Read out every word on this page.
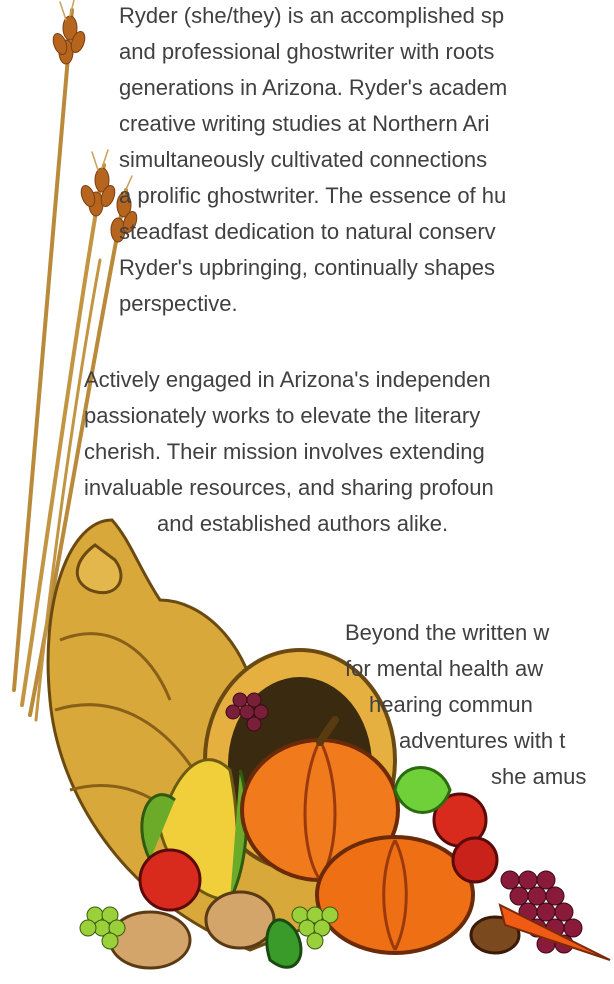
Ryder (she/they) is an accomplished sp
and professional ghostwriter with roots
generations in Arizona. Ryder's academ
creative writing studies at Northern Ari
simultaneously cultivated connections
a prolific ghostwriter. The essence of hu
steadfast dedication to natural conserv
Ryder's upbringing, continually shapes
perspective.
Actively engaged in Arizona's independen
passionately works to elevate the literary
cherish. Their mission involves extending
invaluable resources, and sharing profoun
and established authors alike.
Beyond the written w
for mental health aw
hearing commun
adventures with t
she amus
